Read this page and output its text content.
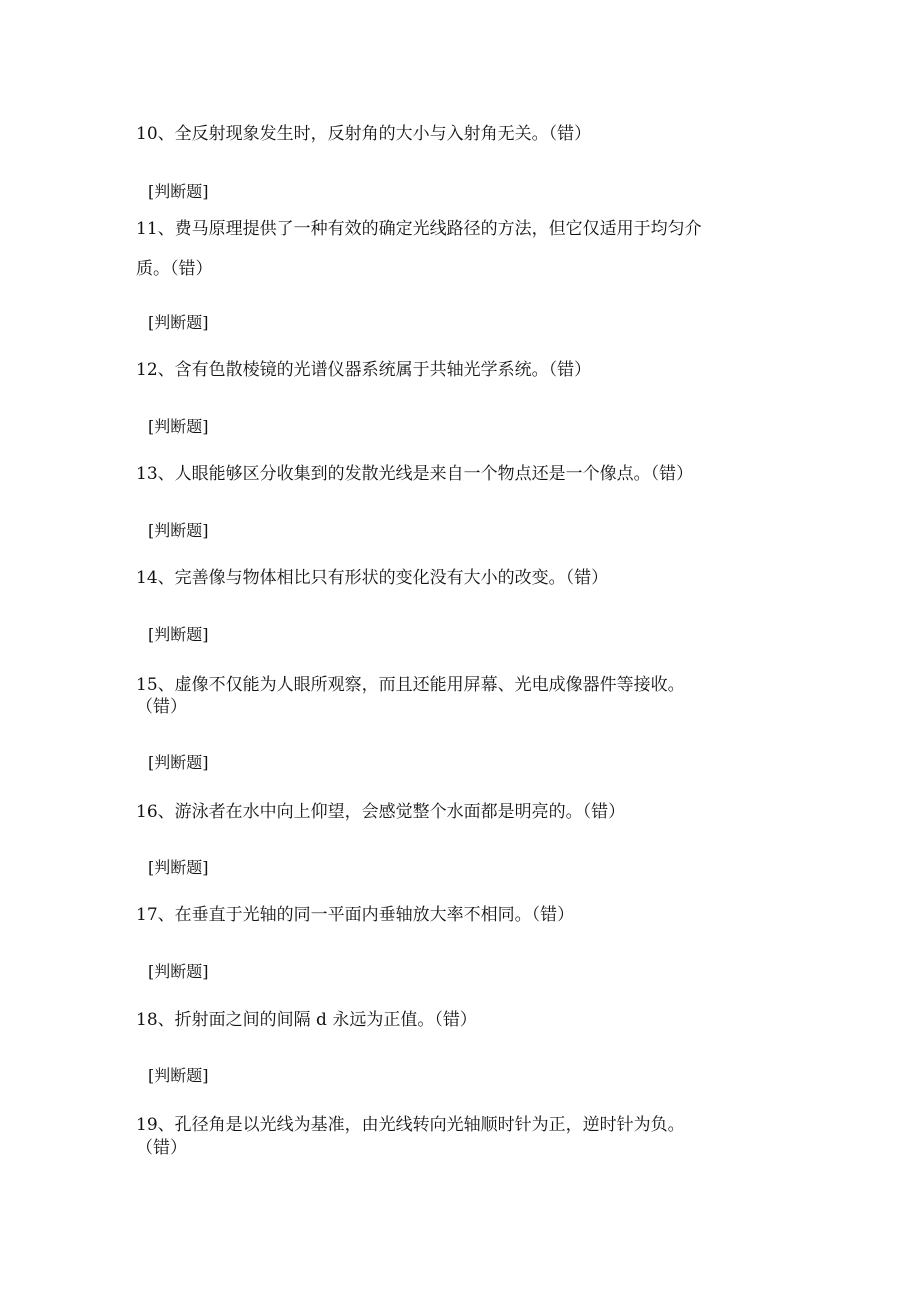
10、全反射现象发生时，反射角的大小与入射角无关。（错）
[判断题]
11、费马原理提供了一种有效的确定光线路径的方法，但它仅适用于均匀介
质。（错）
[判断题]
12、含有色散棱镜的光谱仪器系统属于共轴光学系统。（错）
[判断题]
13、人眼能够区分收集到的发散光线是来自一个物点还是一个像点。（错）
[判断题]
14、完善像与物体相比只有形状的变化没有大小的改变。（错）
[判断题]
15、虚像不仅能为人眼所观察，而且还能用屏幕、光电成像器件等接收。
（错）
[判断题]
16、游泳者在水中向上仰望，会感觉整个水面都是明亮的。（错）
[判断题]
17、在垂直于光轴的同一平面内垂轴放大率不相同。（错）
[判断题]
18、折射面之间的间隔 d 永远为正值。（错）
[判断题]
19、孔径角是以光线为基准，由光线转向光轴顺时针为正，逆时针为负。
（错）
